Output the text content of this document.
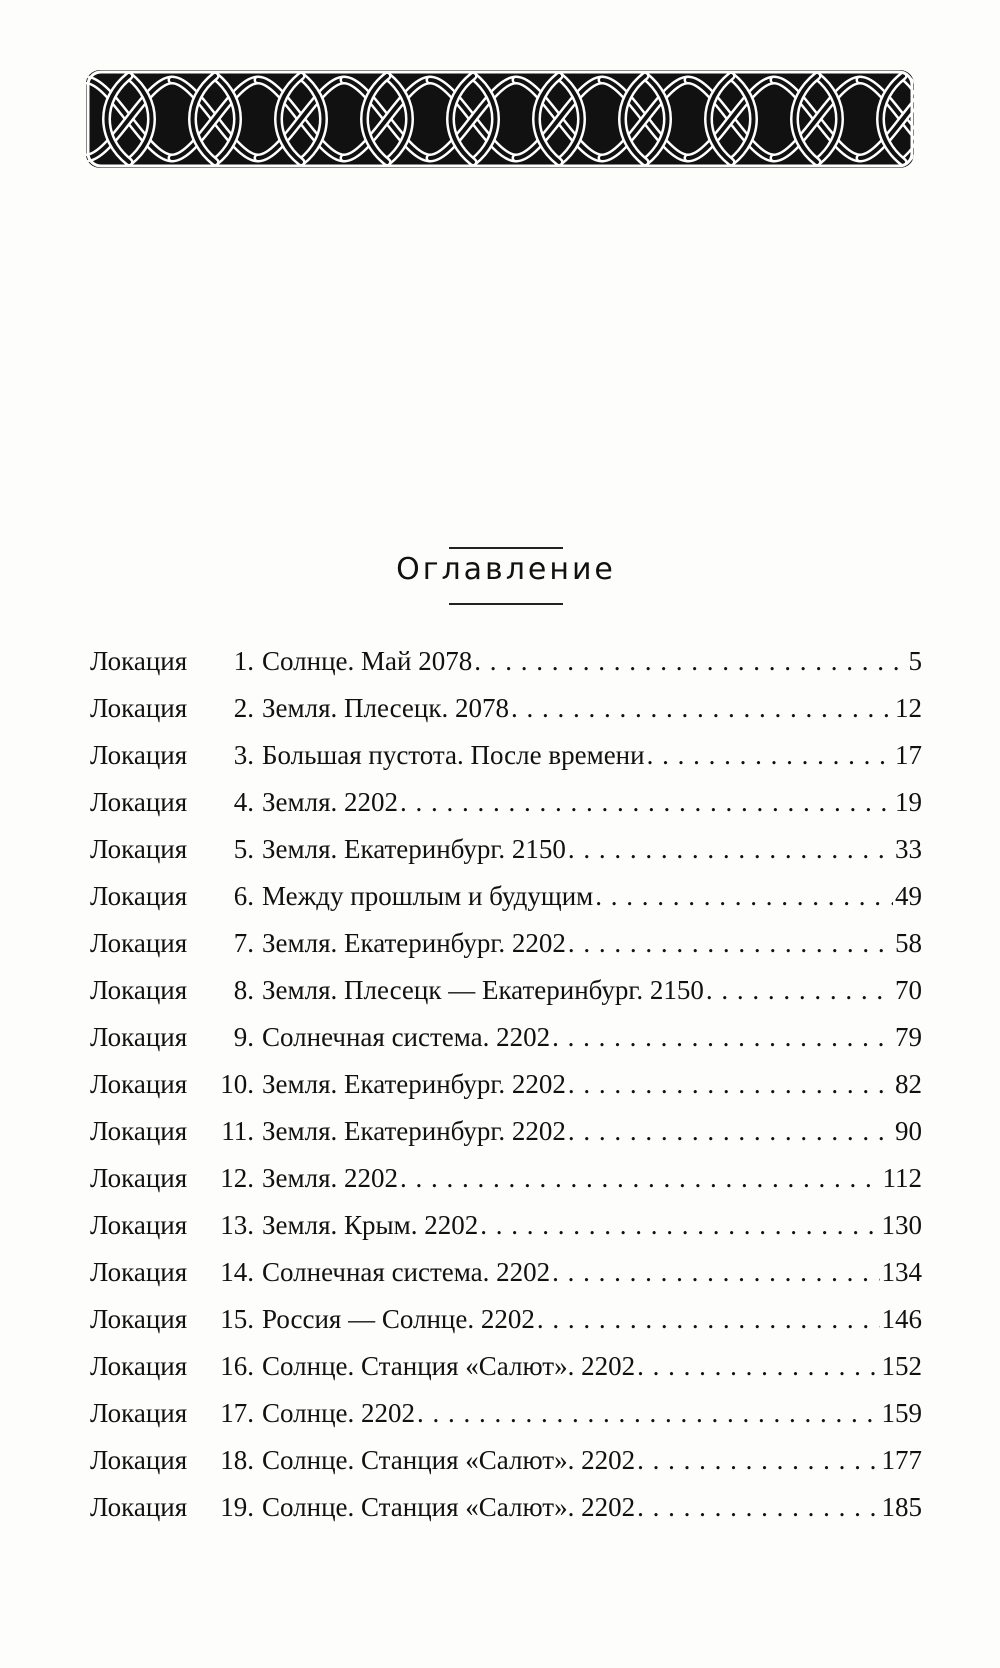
Оглавление
Локация	1 . Солнце. Май 2078 . . .	5
Локация	2 . Земля. Плесецк. 2078 . . .	12
Локация	3 . Большая пустота. После времени . . .	17
Локация	4 . Земля. 2202 . . .	19
Локация	5 . Земля. Екатеринбург. 2150 . . .	33
Локация	6 . Между прошлым и будущим . . .	49
Локация	7 . Земля. Екатеринбург. 2202 . . .	58
Локация	8 . Земля. Плесецк — Екатеринбург. 2150 . . .	70
Локация	9 . Солнечная система. 2202 . . .	79
Локация	10 . Земля. Екатеринбург. 2202 . . .	82
Локация	11 . Земля. Екатеринбург. 2202 . . .	90
Локация	12 . Земля. 2202 . . .	112
Локация	13 . Земля. Крым. 2202 . . .	130
Локация	14 . Солнечная система. 2202 . . .	134
Локация	15 . Россия — Солнце. 2202 . . .	146
Локация	16 . Солнце. Станция «Салют». 2202 . . .	152
Локация	17 . Солнце. 2202 . . .	159
Локация	18 . Солнце. Станция «Салют». 2202 . . .	177
Локация	19 . Солнце. Станция «Салют». 2202 . . .	185
